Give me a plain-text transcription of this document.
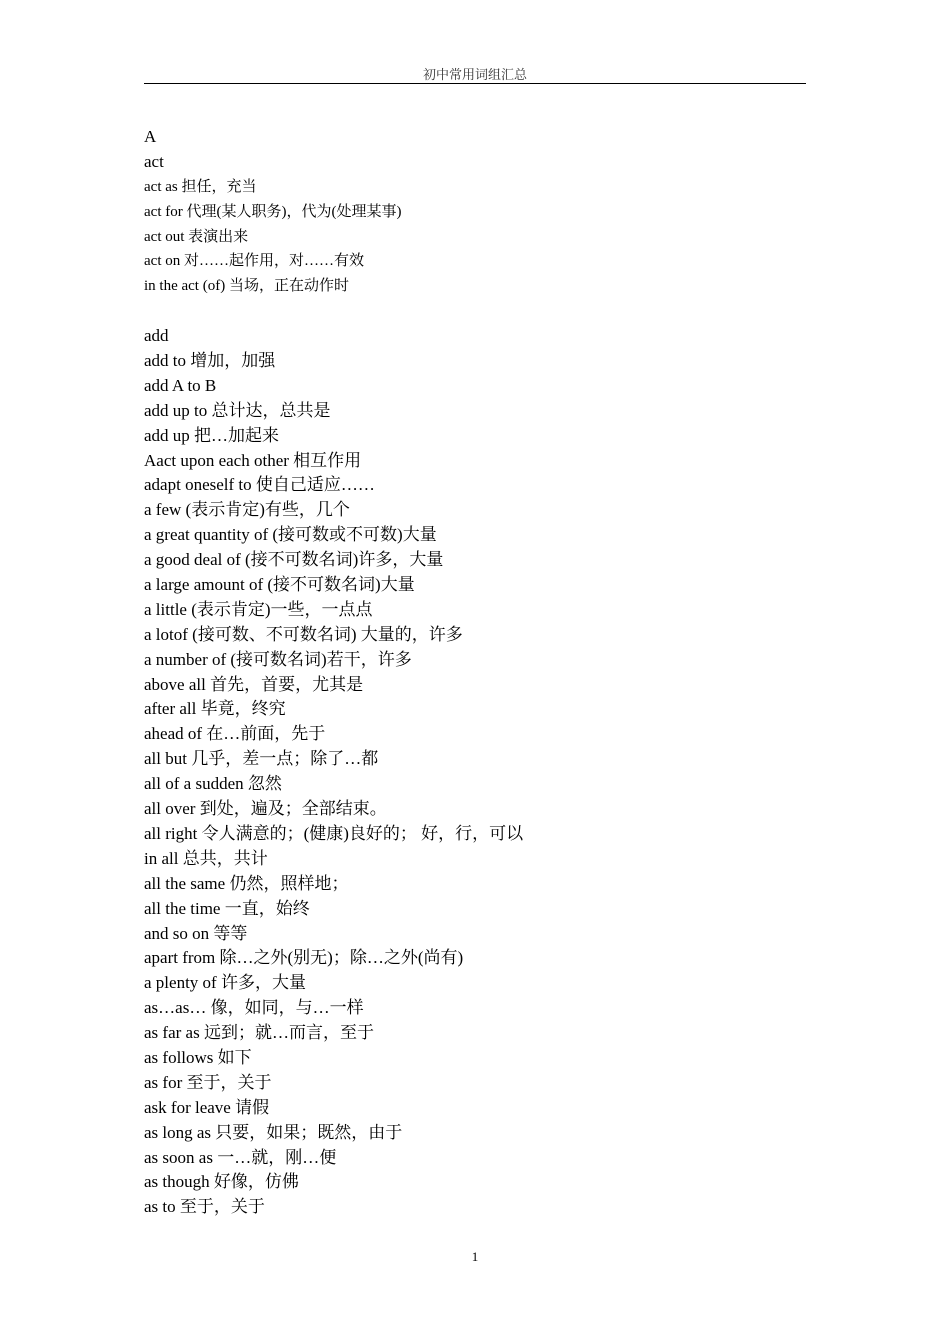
初中常用词组汇总
A
act
act as 担任，充当
act for 代理(某人职务)，代为(处理某事)
act out 表演出来
act on 对……起作用，对……有效
in the act (of) 当场，正在动作时
add
add to 增加，加强
add A to B
add up to 总计达，总共是
add up 把…加起来
Aact upon each other 相互作用
adapt oneself to 使自己适应……
a few (表示肯定)有些，几个
a great quantity of (接可数或不可数)大量
a good deal of (接不可数名词)许多，大量
a large amount of (接不可数名词)大量
a little (表示肯定)一些，一点点
a lotof (接可数、不可数名词) 大量的，许多
a number of (接可数名词)若干，许多
above all 首先，首要，尤其是
after all 毕竟，终究
ahead of 在…前面，先于
all but 几乎，差一点；除了…都
all of a sudden 忽然
all over 到处，遍及；全部结束。
all right 令人满意的；(健康)良好的； 好，行，可以
in all 总共，共计
all the same 仍然，照样地；
all the time 一直，始终
and so on 等等
apart from 除…之外(别无)；除…之外(尚有)
a plenty of 许多，大量
as…as… 像，如同，与…一样
as far as 远到；就…而言，至于
as follows 如下
as for 至于，关于
ask for leave 请假
as long as 只要，如果；既然，由于
as soon as 一…就，刚…便
as though 好像，仿佛
as to 至于，关于
1
